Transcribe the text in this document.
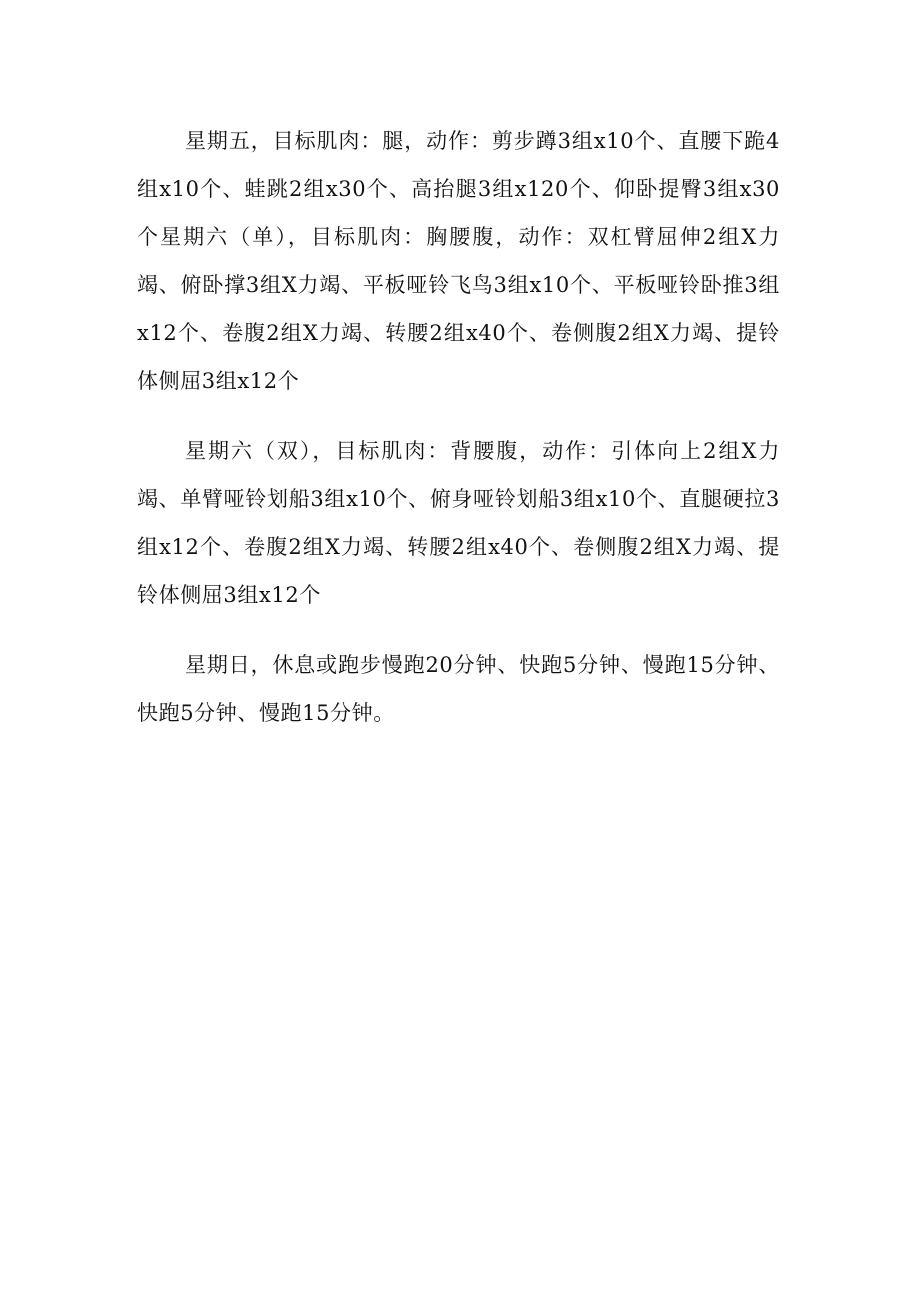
星期五，目标肌肉：腿，动作：剪步蹲3组x10个、直腰下跪4组x10个、蛙跳2组x30个、高抬腿3组x120个、仰卧提臀3组x30个星期六（单），目标肌肉：胸腰腹，动作：双杠臂屈伸2组X力竭、俯卧撑3组X力竭、平板哑铃飞鸟3组x10个、平板哑铃卧推3组x12个、卷腹2组X力竭、转腰2组x40个、卷侧腹2组X力竭、提铃体侧屈3组x12个

星期六（双），目标肌肉：背腰腹，动作：引体向上2组X力竭、单臂哑铃划船3组x10个、俯身哑铃划船3组x10个、直腿硬拉3组x12个、卷腹2组X力竭、转腰2组x40个、卷侧腹2组X力竭、提铃体侧屈3组x12个

星期日，休息或跑步慢跑20分钟、快跑5分钟、慢跑15分钟、快跑5分钟、慢跑15分钟。
